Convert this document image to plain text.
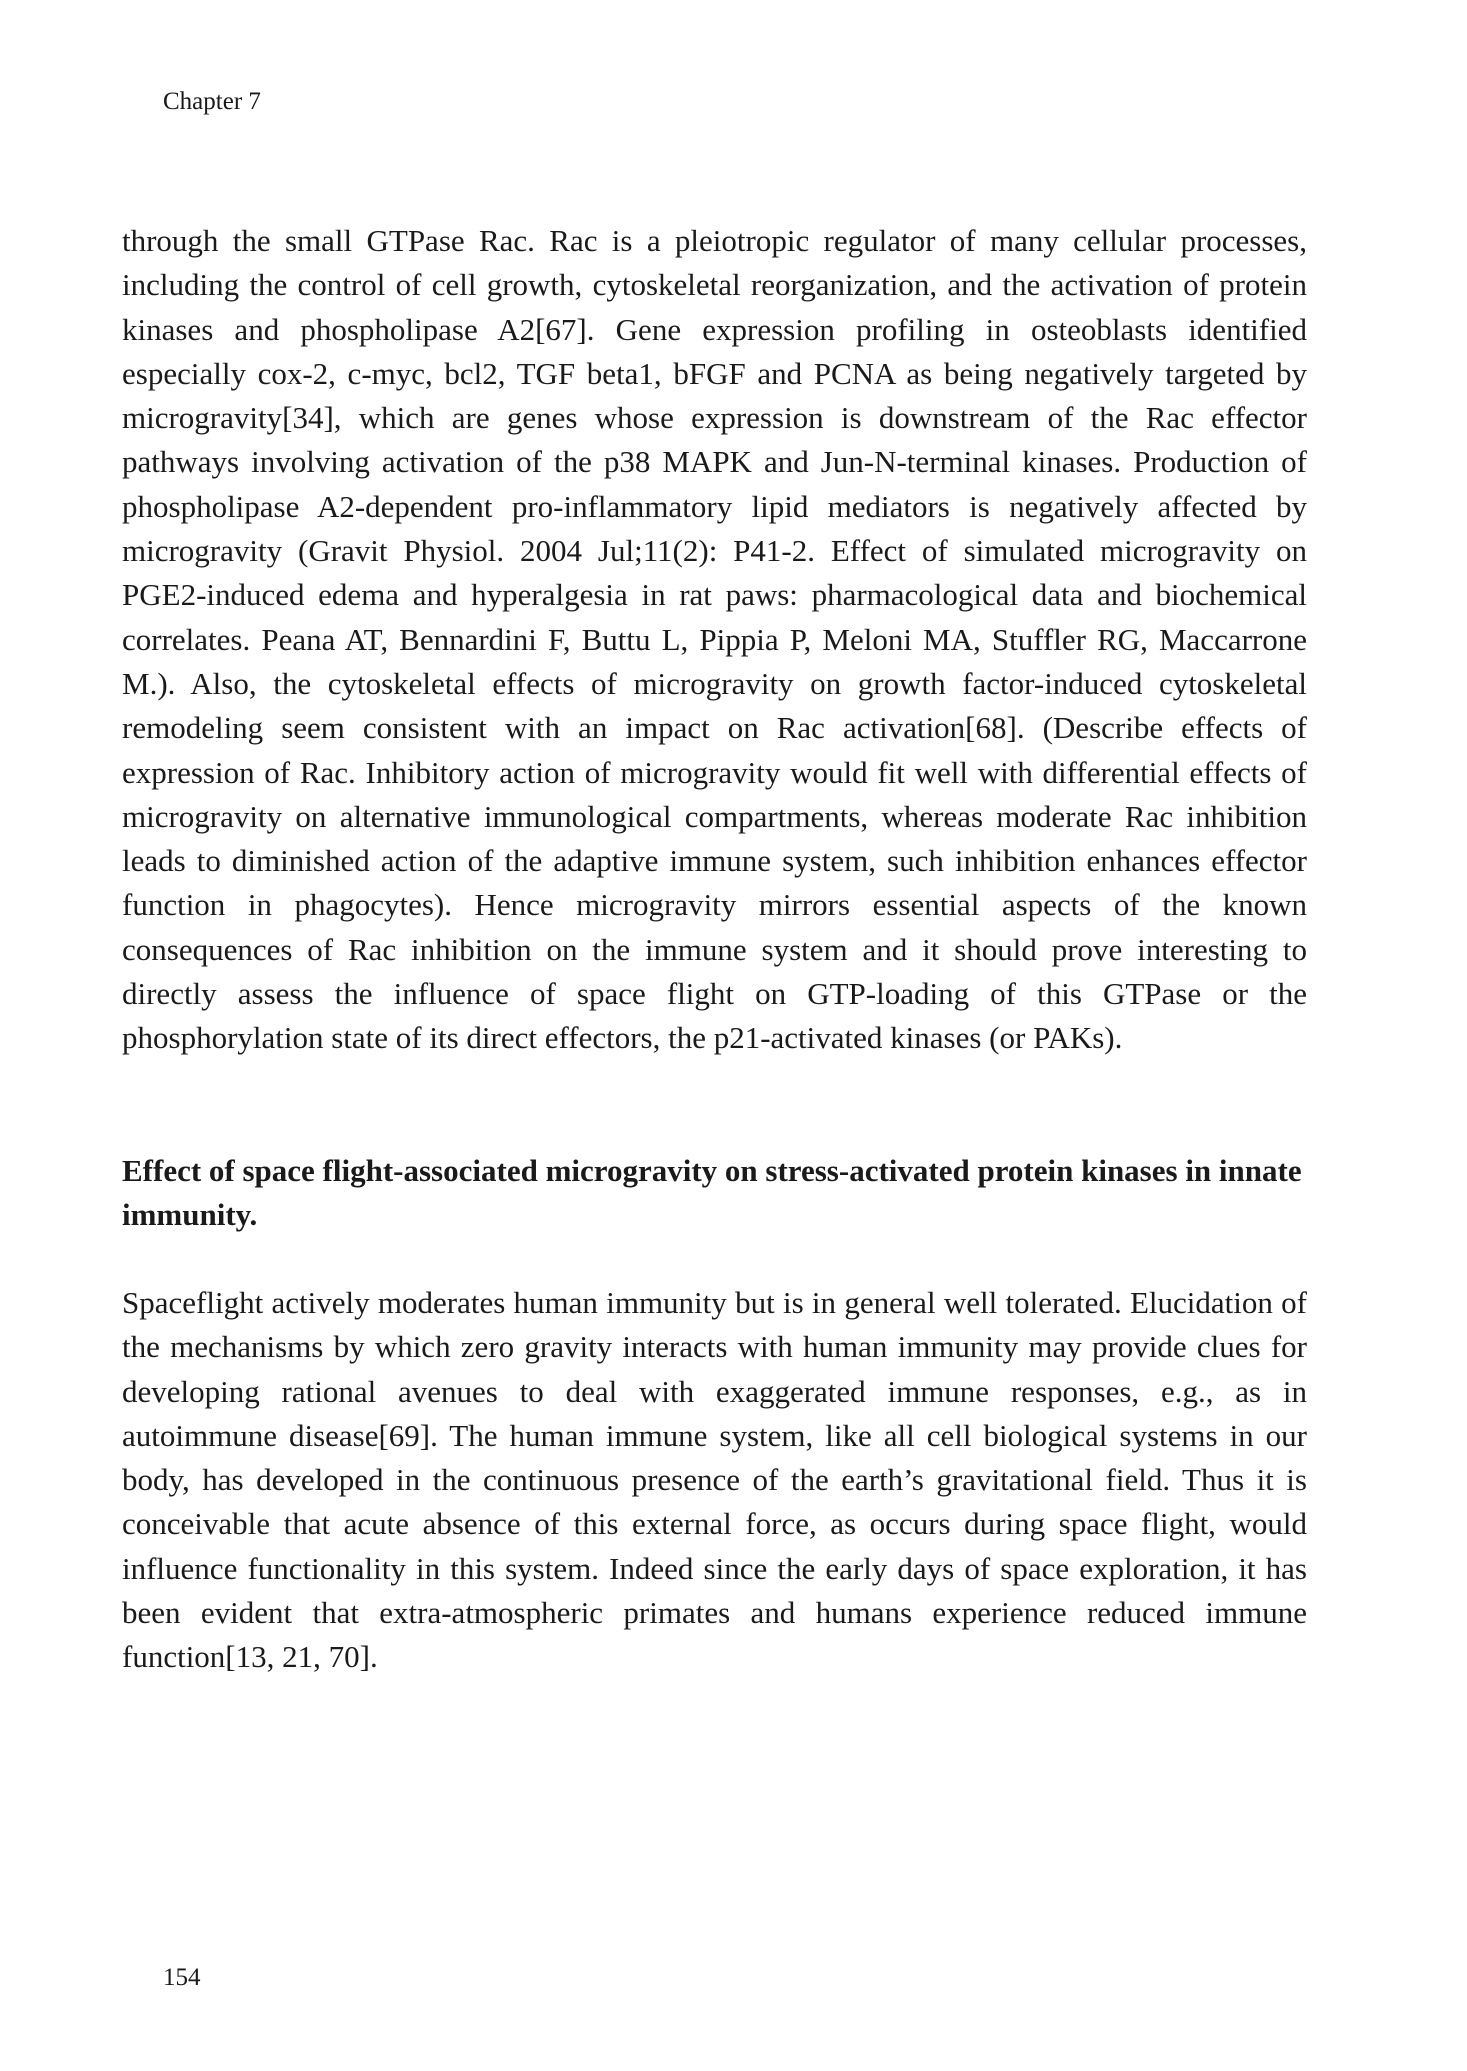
Chapter 7

through the small GTPase Rac. Rac is a pleiotropic regulator of many cellular processes, including the control of cell growth, cytoskeletal reorganization, and the activation of protein kinases and phospholipase A2[67]. Gene expression profiling in osteoblasts identified especially cox-2, c-myc, bcl2, TGF beta1, bFGF and PCNA as being negatively targeted by microgravity[34], which are genes whose expression is downstream of the Rac effector pathways involving activation of the p38 MAPK and Jun-N-terminal kinases. Production of phospholipase A2-dependent pro-inflammatory lipid mediators is negatively affected by microgravity (Gravit Physiol. 2004 Jul;11(2): P41-2. Effect of simulated microgravity on PGE2-induced edema and hyperalgesia in rat paws: pharmacological data and biochemical correlates. Peana AT, Bennardini F, Buttu L, Pippia P, Meloni MA, Stuffler RG, Maccarrone M.). Also, the cytoskeletal effects of microgravity on growth factor-induced cytoskeletal remodeling seem consistent with an impact on Rac activation[68]. (Describe effects of expression of Rac. Inhibitory action of microgravity would fit well with differential effects of microgravity on alternative immunological compartments, whereas moderate Rac inhibition leads to diminished action of the adaptive immune system, such inhibition enhances effector function in phagocytes). Hence microgravity mirrors essential aspects of the known consequences of Rac inhibition on the immune system and it should prove interesting to directly assess the influence of space flight on GTP-loading of this GTPase or the phosphorylation state of its direct effectors, the p21-activated kinases (or PAKs).

Effect of space flight-associated microgravity on stress-activated protein kinases in innate immunity.

Spaceflight actively moderates human immunity but is in general well tolerated. Elucidation of the mechanisms by which zero gravity interacts with human immunity may provide clues for developing rational avenues to deal with exaggerated immune responses, e.g., as in autoimmune disease[69]. The human immune system, like all cell biological systems in our body, has developed in the continuous presence of the earth’s gravitational field. Thus it is conceivable that acute absence of this external force, as occurs during space flight, would influence functionality in this system. Indeed since the early days of space exploration, it has been evident that extra-atmospheric primates and humans experience reduced immune function[13, 21, 70].

154
